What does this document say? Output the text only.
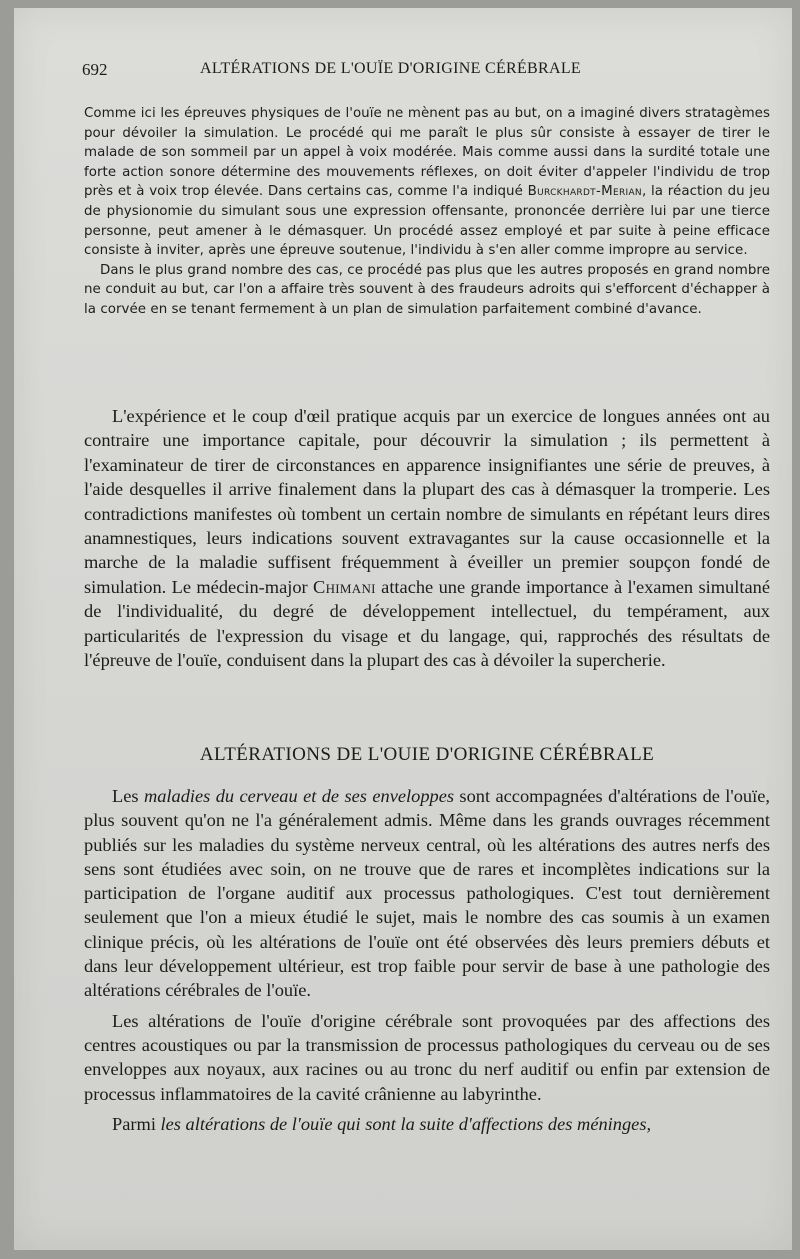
692	ALTÉRATIONS DE L'OUÏE D'ORIGINE CÉRÉBRALE

Comme ici les épreuves physiques de l'ouïe ne mènent pas au but, on a imaginé divers stratagèmes pour dévoiler la simulation. Le procédé qui me paraît le plus sûr consiste à essayer de tirer le malade de son sommeil par un appel à voix modérée. Mais comme aussi dans la surdité totale une forte action sonore détermine des mouvements réflexes, on doit éviter d'appeler l'individu de trop près et à voix trop élevée. Dans certains cas, comme l'a indiqué Burckhardt-Merian, la réaction du jeu de physionomie du simulant sous une expression offensante, prononcée derrière lui par une tierce personne, peut amener à le démasquer. Un procédé assez employé et par suite à peine efficace consiste à inviter, après une épreuve soutenue, l'individu à s'en aller comme impropre au service.

Dans le plus grand nombre des cas, ce procédé pas plus que les autres proposés en grand nombre ne conduit au but, car l'on a affaire très souvent à des fraudeurs adroits qui s'efforcent d'échapper à la corvée en se tenant fermement à un plan de simulation parfaitement combiné d'avance.

L'expérience et le coup d'œil pratique acquis par un exercice de longues années ont au contraire une importance capitale, pour découvrir la simulation ; ils permettent à l'examinateur de tirer de circonstances en apparence insignifiantes une série de preuves, à l'aide desquelles il arrive finalement dans la plupart des cas à démasquer la tromperie. Les contradictions manifestes où tombent un certain nombre de simulants en répétant leurs dires anamnestiques, leurs indications souvent extravagantes sur la cause occasionnelle et la marche de la maladie suffisent fréquemment à éveiller un premier soupçon fondé de simulation. Le médecin-major Chimani attache une grande importance à l'examen simultané de l'individualité, du degré de développement intellectuel, du tempérament, aux particularités de l'expression du visage et du langage, qui, rapprochés des résultats de l'épreuve de l'ouïe, conduisent dans la plupart des cas à dévoiler la supercherie.

ALTÉRATIONS DE L'OUIE D'ORIGINE CÉRÉBRALE

Les maladies du cerveau et de ses enveloppes sont accompagnées d'altérations de l'ouïe, plus souvent qu'on ne l'a généralement admis. Même dans les grands ouvrages récemment publiés sur les maladies du système nerveux central, où les altérations des autres nerfs des sens sont étudiées avec soin, on ne trouve que de rares et incomplètes indications sur la participation de l'organe auditif aux processus pathologiques. C'est tout dernièrement seulement que l'on a mieux étudié le sujet, mais le nombre des cas soumis à un examen clinique précis, où les altérations de l'ouïe ont été observées dès leurs premiers débuts et dans leur développement ultérieur, est trop faible pour servir de base à une pathologie des altérations cérébrales de l'ouïe.

Les altérations de l'ouïe d'origine cérébrale sont provoquées par des affections des centres acoustiques ou par la transmission de processus pathologiques du cerveau ou de ses enveloppes aux noyaux, aux racines ou au tronc du nerf auditif ou enfin par extension de processus inflammatoires de la cavité crânienne au labyrinthe.

Parmi les altérations de l'ouïe qui sont la suite d'affections des méninges,
